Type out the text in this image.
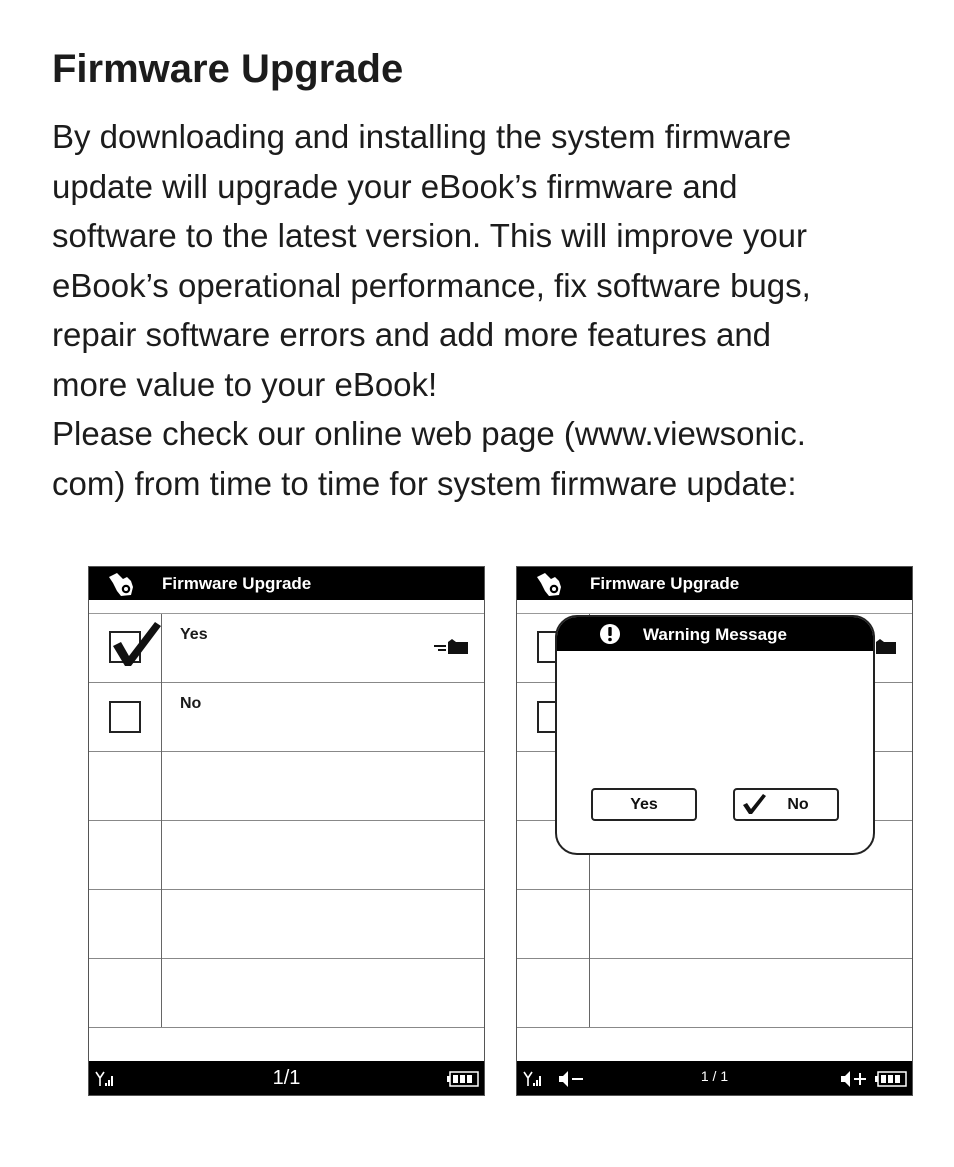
Firmware Upgrade
By downloading and installing the system firmware
update will upgrade your eBook’s firmware and
software to the latest version. This will improve your
eBook’s operational performance, fix software bugs,
repair software errors and add more features and
more value to your eBook!
Please check our online web page (www.viewsonic.
com) from time to time for system firmware update:
Firmware Upgrade
Yes
No
1/1
Firmware Upgrade
Warning Message
Yes	No
1 / 1
